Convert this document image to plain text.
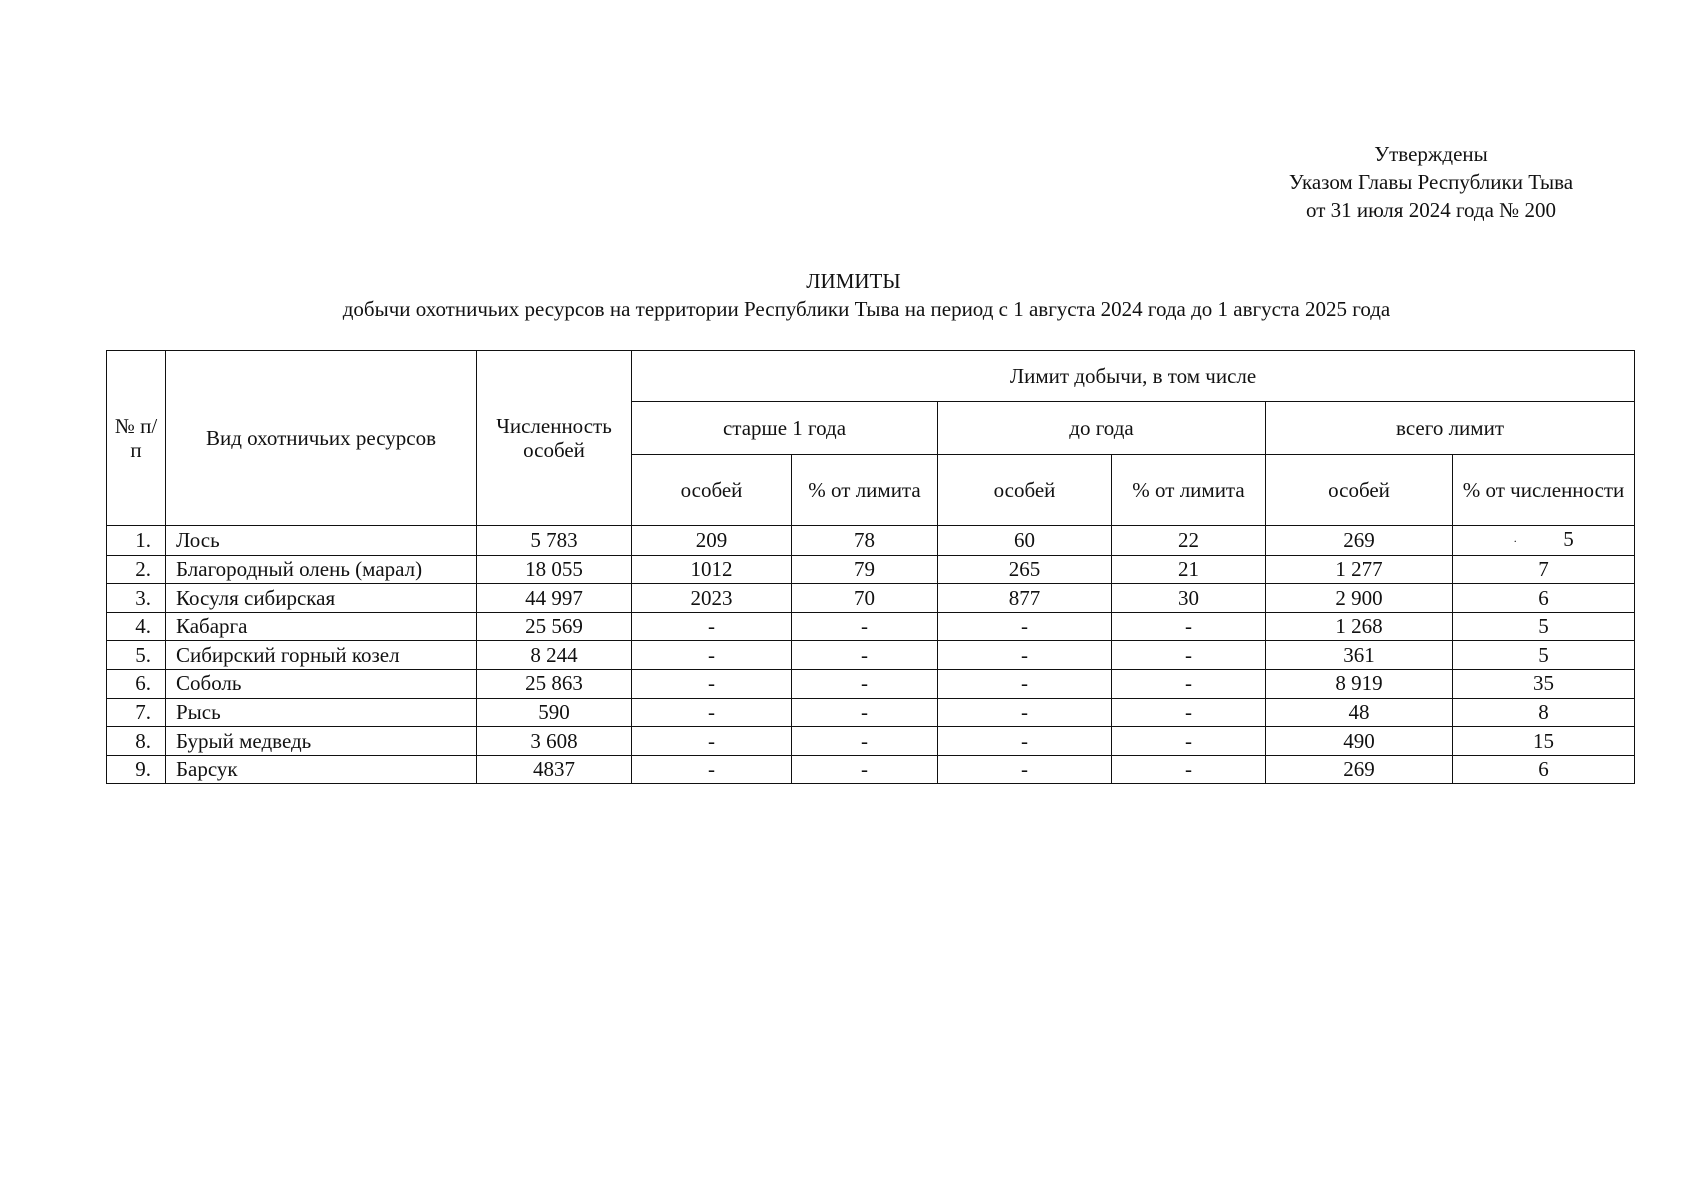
Утверждены
Указом Главы Республики Тыва
от 31 июля 2024 года № 200
ЛИМИТЫ
добычи охотничьих ресурсов на территории Республики Тыва на период с 1 августа 2024 года до 1 августа 2025 года
№ п/п	Вид охотничьих ресурсов	Численность особей	Лимит добычи, в том числе					
			старше 1 года		до года		всего лимит	
			особей	% от лимита	особей	% от лимита	особей	% от численности
1.	Лось	5 783	209	78	60	22	269	· 5
2.	Благородный олень (марал)	18 055	1012	79	265	21	1 277	7
3.	Косуля сибирская	44 997	2023	70	877	30	2 900	6
4.	Кабарга	25 569	-	-	-	-	1 268	5
5.	Сибирский горный козел	8 244	-	-	-	-	361	5
6.	Соболь	25 863	-	-	-	-	8 919	35
7.	Рысь	590	-	-	-	-	48	8
8.	Бурый медведь	3 608	-	-	-	-	490	15
9.	Барсук	4837	-	-	-	-	269	6
